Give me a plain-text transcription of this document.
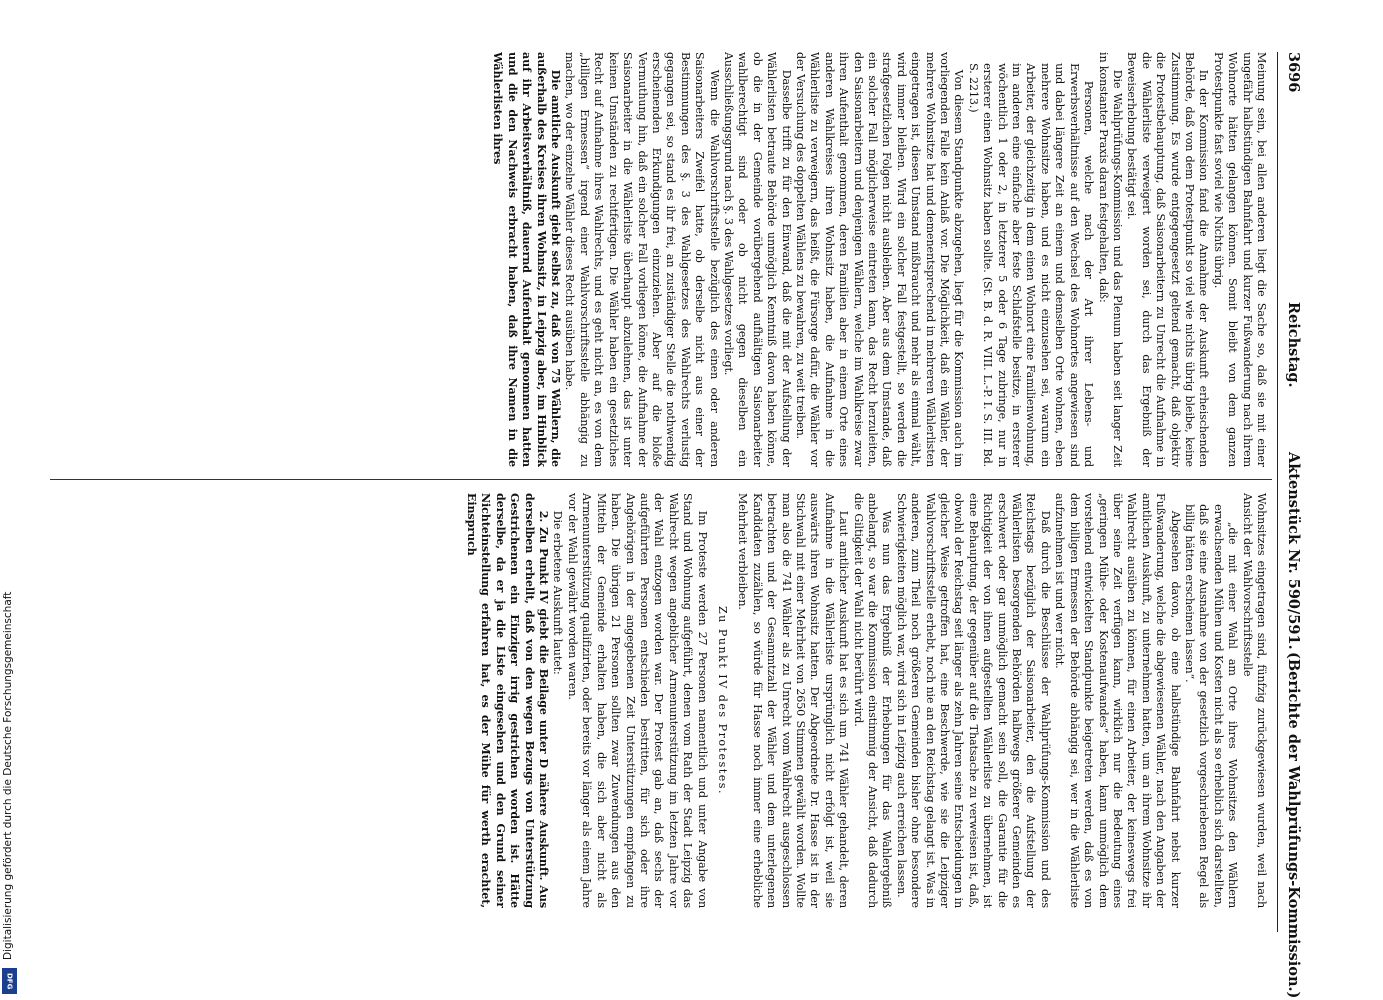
Digitalisierung gefördert durch die Deutsche Forschungsgemeinschaft
DFG
3696
Reichstag.
Aktenstück Nr. 590/591.
(Berichte der Wahlprüfungs-Kommission.)

Meinung sein, bei allen anderen liegt die Sache so, daß sie mit einer ungefähr halbstündigen Bahnfahrt und kurzer Fußwanderung nach ihrem Wohnorte hätten gelangen können. Somit bleibt von dem ganzen Protestpunkte fast soviel wie Nichts übrig.

In der Kommission fand die Annahme der Auskunft erheischenden Behörde, daß von dem Protestpunkt so viel wie nichts übrig bleibe, keine Zustimmung. Es wurde entgegengesetzt geltend gemacht, daß objektiv die Protestbehauptung, daß Saisonarbeitern zu Unrecht die Aufnahme in die Wählerliste verweigert worden sei, durch das Ergebniß der Beweiserhebung bestätigt sei.

Die Wahlprüfungs-Kommission und das Plenum haben seit langer Zeit in konstanter Praxis daran festgehalten, daß:

Personen, welche nach der Art ihrer Lebens- und Erwerbsverhältnisse auf den Wechsel des Wohnortes angewiesen sind und dabei längere Zeit an einem und demselben Orte wohnen, eben mehrere Wohnsitze haben, und es nicht einzusehen sei, warum ein Arbeiter, der gleichzeitig in dem einen Wohnort eine Familienwohnung, im anderen eine einfache aber feste Schlafstelle besitze, in ersterer wöchentlich 1 oder 2, in letzterer 5 oder 6 Tage zubringe, nur in ersterer einen Wohnsitz haben sollte. (St. B. d. R. VIII. L.-P. I. S. III. Bd. S. 2213.)

Von diesem Standpunkte abzugehen, liegt für die Kommission auch im vorliegenden Falle kein Anlaß vor. Die Möglichkeit, daß ein Wähler, der mehrere Wohnsitze hat und demenentsprechend in mehreren Wählerlisten eingetragen ist, diesen Umstand mißbraucht und mehr als einmal wählt, wird immer bleiben. Wird ein solcher Fall festgestellt, so werden die strafgesetzlichen Folgen nicht ausbleiben. Aber aus dem Umstande, daß ein solcher Fall möglicherweise eintreten kann, das Recht herzuleiten, den Saisonarbeitern und denjenigen Wählern, welche im Wahlkreise zwar ihren Aufenthalt genommen, deren Familien aber in einem Orte eines anderen Wahlkreises ihren Wohnsitz haben, die Aufnahme in die Wählerliste zu verweigern, das heißt, die Fürsorge dafür, die Wähler vor der Versuchung des doppelten Wählens zu bewahren, zu weit treiben.

Dasselbe trifft zu für den Einwand, daß die mit der Aufstellung der Wählerlisten betraute Behörde unmöglich Kenntniß davon haben könne, ob die in der Gemeinde vorübergehend aufhältigen Saisonarbeiter wahlberechtigt sind oder ob nicht gegen dieselben ein Ausschließungsgrund nach §. 3 des Wahlgesetzes vorliegt.

Wenn die Wahlvorschriftsstelle bezüglich des einen oder anderen Saisonarbeiters Zweifel hatte, ob derselbe nicht aus einer der Bestimmungen des §. 3 des Wahlgesetzes des Wahlrechts verlustig gegangen sei, so stand es ihr frei, an zuständiger Stelle die nothwendig erscheinenden Erkundigungen einzuziehen. Aber auf die bloße Vermuthung hin, daß ein solcher Fall vorliegen könne, die Aufnahme der Saisonarbeiter in die Wählerliste überhaupt abzulehnen, das ist unter keinen Umständen zu rechtfertigen. Die Wähler haben ein gesetzliches Recht auf Aufnahme ihres Wahlrechts, und es geht nicht an, es von dem „billigen Ermessen“ irgend einer Wahlvorschriftsstelle abhängig zu machen, wo der einzelne Wähler dieses Recht ausüben habe.

Die amtliche Auskunft giebt selbst zu, daß von 75 Wählern, die außerhalb des Kreises ihren Wohnsitz, in Leipzig aber, im Hinblick auf ihr Arbeitsverhältniß, dauernd Aufenthalt genommen hatten und die den Nachweis erbracht haben, daß ihre Namen in die Wählerlisten ihres

Wohnsitzes eingetragen sind, fünfzig zurückgewiesen wurden, weil nach Ansicht der Wahlvorschriftsstelle

„die mit einer Wahl am Orte ihres Wohnsitzes den Wählern erwachsenden Mühen und Kosten nicht als so erheblich sich darstellten, daß sie eine Ausnahme von der gesetzlich vorgeschriebenen Regel als billig hätten erscheinen lassen“.

Abgesehen davon, ob eine halbstündige Bahnfahrt nebst kurzer Fußwanderung, welche die abgewiesenen Wähler, nach den Angaben der amtlichen Auskunft, zu unternehmen hatten, um an ihrem Wohnsitze ihr Wahlrecht ausüben zu können, für einen Arbeiter, der keineswegs frei über seine Zeit verfügen kann, wirklich nur die Bedeutung eines „geringen Mühe- oder Kostenaufwandes“ haben, kann unmöglich dem vorstehend entwickelten Standpunkte beigetreten werden, daß es von dem billigen Ermessen der Behörde abhängig sei, wer in die Wählerliste aufzunehmen ist und wer nicht.

Daß durch die Beschlüsse der Wahlprüfungs-Kommission und des Reichstags bezüglich der Saisonarbeiter, den die Aufstellung der Wählerlisten besorgenden Behörden halbwegs größerer Gemeinden es erschwert oder gar unmöglich gemacht sein soll, die Garantie für die Richtigkeit der von ihnen aufgestellten Wählerliste zu übernehmen, ist eine Behauptung, der gegenüber auf die Thatsache zu verweisen ist, daß, obwohl der Reichstag seit länger als zehn Jahren seine Entscheidungen in gleicher Weise getroffen hat, eine Beschwerde, wie sie die Leipziger Wahlvorschriftsstelle erhebt, noch nie an den Reichstag gelangt ist. Was in anderen, zum Theil noch größeren Gemeinden bisher ohne besondere Schwierigkeiten möglich war, wird sich in Leipzig auch erreichen lassen.

Was nun das Ergebniß der Erhebungen für das Wahlergebniß anbelangt, so war die Kommission einstimmig der Ansicht, daß dadurch die Giltigkeit der Wahl nicht berührt wird.

Laut amtlicher Auskunft hat es sich um 741 Wähler gehandelt, deren Aufnahme in die Wählerliste ursprünglich nicht erfolgt ist, weil sie auswärts ihren Wohnsitz hatten. Der Abgeordnete Dr. Hasse ist in der Stichwahl mit einer Mehrheit von 2650 Stimmen gewählt worden. Wollte man also die 741 Wähler als zu Unrecht vom Wahlrecht ausgeschlossen betrachten und der Gesammtzahl der Wähler und dem unterlegenen Kandidaten zuzählen, so würde für Hasse noch immer eine erhebliche Mehrheit verbleiben.

Zu Punkt IV des Protestes.

Im Proteste werden 27 Personen namentlich und unter Angabe von Stand und Wohnung aufgeführt, denen vom Rath der Stadt Leipzig das Wahlrecht wegen angeblicher Armenunterstützung im letzten Jahre vor der Wahl entzogen worden war. Der Protest gab an, daß sechs der aufgeführten Personen entschieden bestritten, für sich oder ihre Angehörigen in der angegebenen Zeit Unterstützungen empfangen zu haben. Die übrigen 21 Personen sollten zwar Zuwendungen aus den Mitteln der Gemeinde erhalten haben, die sich aber nicht als Armenunterstützung qualifizirten, oder bereits vor länger als einem Jahre vor der Wahl gewährt worden waren.

Die erbetene Auskunft lautet:

2. Zu Punkt IV giebt die Beilage unter D nähere Auskunft. Aus derselben erhellt, daß von den wegen Bezugs von Unterstützung Gestrichenen ein Einziger irrig gestrichen worden ist. Hätte derselbe, da er ja die Liste eingesehen und den Grund seiner Nichteinstellung erfahren hat, es der Mühe für werth erachtet, Einspruch
